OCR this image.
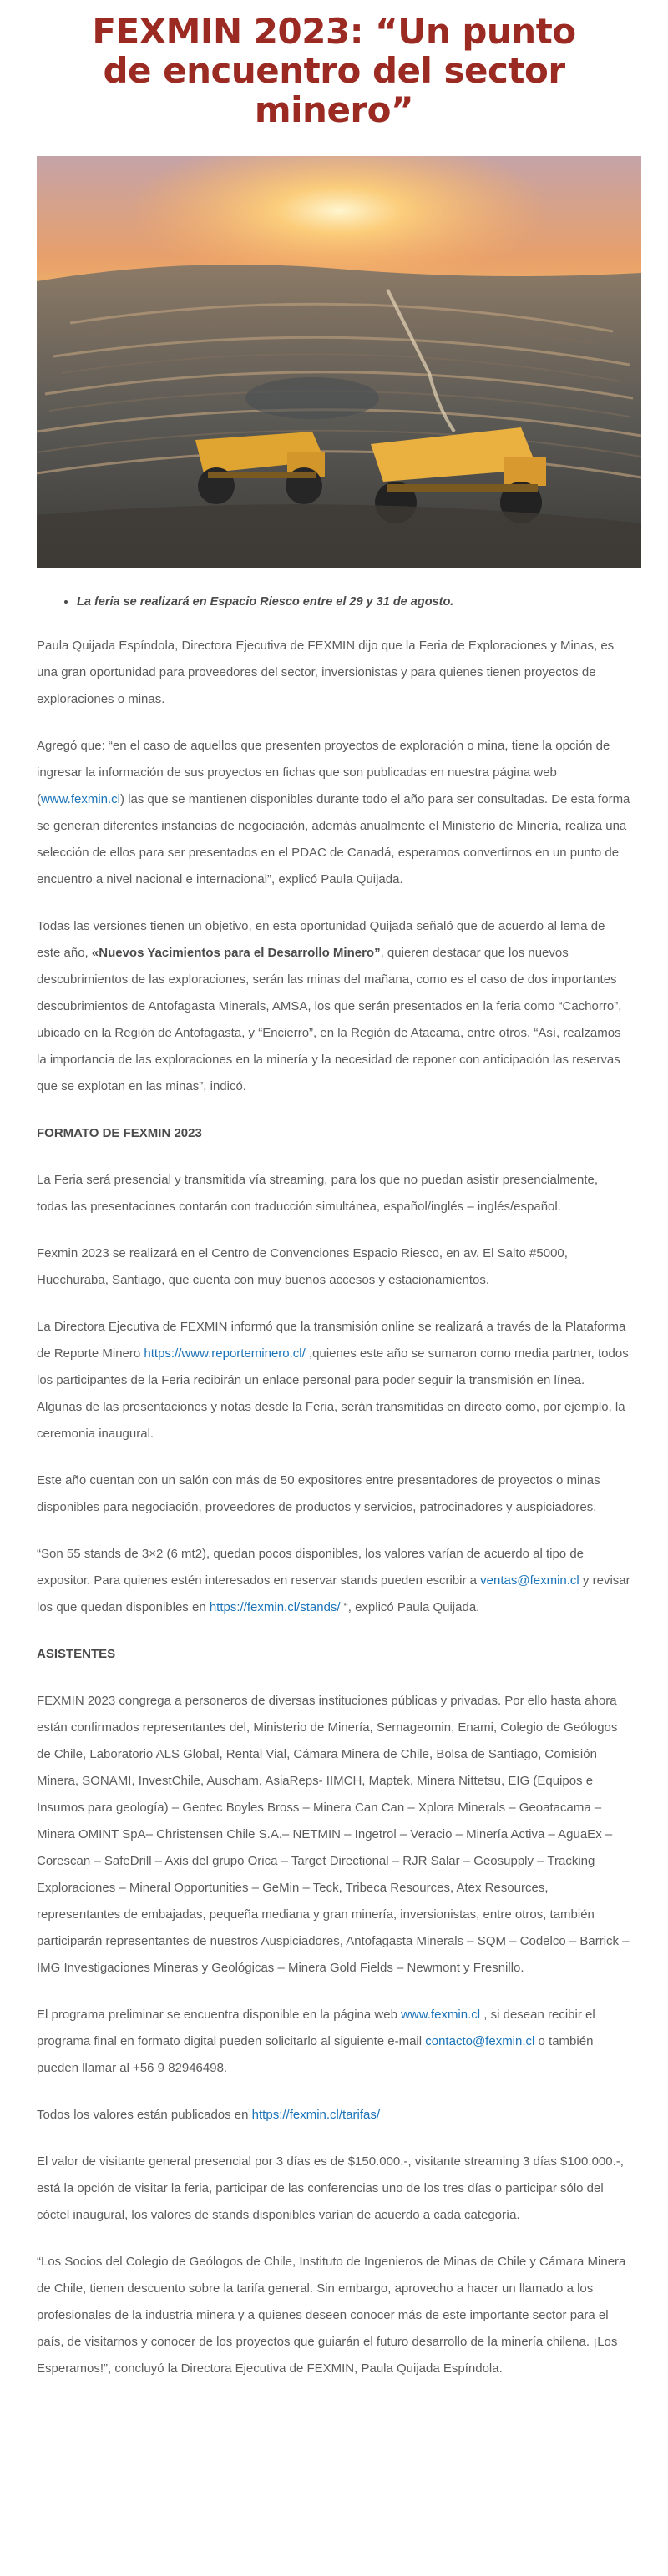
FEXMIN 2023: “Un punto de encuentro del sector minero”
• La feria se realizará en Espacio Riesco entre el 29 y 31 de agosto.

Paula Quijada Espíndola, Directora Ejecutiva de FEXMIN dijo que la Feria de Exploraciones y Minas, es una gran oportunidad para proveedores del sector, inversionistas y para quienes tienen proyectos de exploraciones o minas.

Agregó que: “en el caso de aquellos que presenten proyectos de exploración o mina, tiene la opción de ingresar la información de sus proyectos en fichas que son publicadas en nuestra página web (www.fexmin.cl) las que se mantienen disponibles durante todo el año para ser consultadas. De esta forma se generan diferentes instancias de negociación, además anualmente el Ministerio de Minería, realiza una selección de ellos para ser presentados en el PDAC de Canadá, esperamos convertirnos en un punto de encuentro a nivel nacional e internacional”, explicó Paula Quijada.

Todas las versiones tienen un objetivo, en esta oportunidad Quijada señaló que de acuerdo al lema de este año, «Nuevos Yacimientos para el Desarrollo Minero”, quieren destacar que los nuevos descubrimientos de las exploraciones, serán las minas del mañana, como es el caso de dos importantes descubrimientos de Antofagasta Minerals, AMSA, los que serán presentados en la feria como “Cachorro”, ubicado en la Región de Antofagasta, y “Encierro”, en la Región de Atacama, entre otros. “Así, realzamos la importancia de las exploraciones en la minería y la necesidad de reponer con anticipación las reservas que se explotan en las minas”, indicó.

FORMATO DE FEXMIN 2023

La Feria será presencial y transmitida vía streaming, para los que no puedan asistir presencialmente, todas las presentaciones contarán con traducción simultánea, español/inglés – inglés/español.

Fexmin 2023 se realizará en el Centro de Convenciones Espacio Riesco, en av. El Salto #5000, Huechuraba, Santiago, que cuenta con muy buenos accesos y estacionamientos.

La Directora Ejecutiva de FEXMIN informó que la transmisión online se realizará a través de la Plataforma de Reporte Minero https://www.reporteminero.cl/ ,quienes este año se sumaron como media partner, todos los participantes de la Feria recibirán un enlace personal para poder seguir la transmisión en línea. Algunas de las presentaciones y notas desde la Feria, serán transmitidas en directo como, por ejemplo, la ceremonia inaugural.

Este año cuentan con un salón con más de 50 expositores entre presentadores de proyectos o minas disponibles para negociación, proveedores de productos y servicios, patrocinadores y auspiciadores.

“Son 55 stands de 3×2 (6 mt2), quedan pocos disponibles, los valores varían de acuerdo al tipo de expositor. Para quienes estén interesados en reservar stands pueden escribir a ventas@fexmin.cl y revisar los que quedan disponibles en https://fexmin.cl/stands/ “, explicó Paula Quijada.

ASISTENTES

FEXMIN 2023 congrega a personeros de diversas instituciones públicas y privadas. Por ello hasta ahora están confirmados representantes del, Ministerio de Minería, Sernageomin, Enami, Colegio de Geólogos de Chile, Laboratorio ALS Global, Rental Vial, Cámara Minera de Chile, Bolsa de Santiago, Comisión Minera, SONAMI, InvestChile, Auscham, AsiaReps- IIMCH, Maptek, Minera Nittetsu, EIG (Equipos e Insumos para geología) – Geotec Boyles Bross – Minera Can Can – Xplora Minerals – Geoatacama – Minera OMINT SpA– Christensen Chile S.A.– NETMIN – Ingetrol – Veracio – Minería Activa – AguaEx – Corescan – SafeDrill – Axis del grupo Orica – Target Directional – RJR Salar – Geosupply – Tracking Exploraciones – Mineral Opportunities – GeMin – Teck, Tribeca Resources, Atex Resources, representantes de embajadas, pequeña mediana y gran minería, inversionistas, entre otros, también participarán representantes de nuestros Auspiciadores, Antofagasta Minerals – SQM – Codelco – Barrick – IMG Investigaciones Mineras y Geológicas – Minera Gold Fields – Newmont y Fresnillo.

El programa preliminar se encuentra disponible en la página web www.fexmin.cl , si desean recibir el programa final en formato digital pueden solicitarlo al siguiente e-mail contacto@fexmin.cl o también pueden llamar al +56 9 82946498.

Todos los valores están publicados en https://fexmin.cl/tarifas/

El valor de visitante general presencial por 3 días es de $150.000.-, visitante streaming 3 días $100.000.-, está la opción de visitar la feria, participar de las conferencias uno de los tres días o participar sólo del cóctel inaugural, los valores de stands disponibles varían de acuerdo a cada categoría.

“Los Socios del Colegio de Geólogos de Chile, Instituto de Ingenieros de Minas de Chile y Cámara Minera de Chile, tienen descuento sobre la tarifa general. Sin embargo, aprovecho a hacer un llamado a los profesionales de la industria minera y a quienes deseen conocer más de este importante sector para el país, de visitarnos y conocer de los proyectos que guiarán el futuro desarrollo de la minería chilena. ¡Los Esperamos!”, concluyó la Directora Ejecutiva de FEXMIN, Paula Quijada Espíndola.
